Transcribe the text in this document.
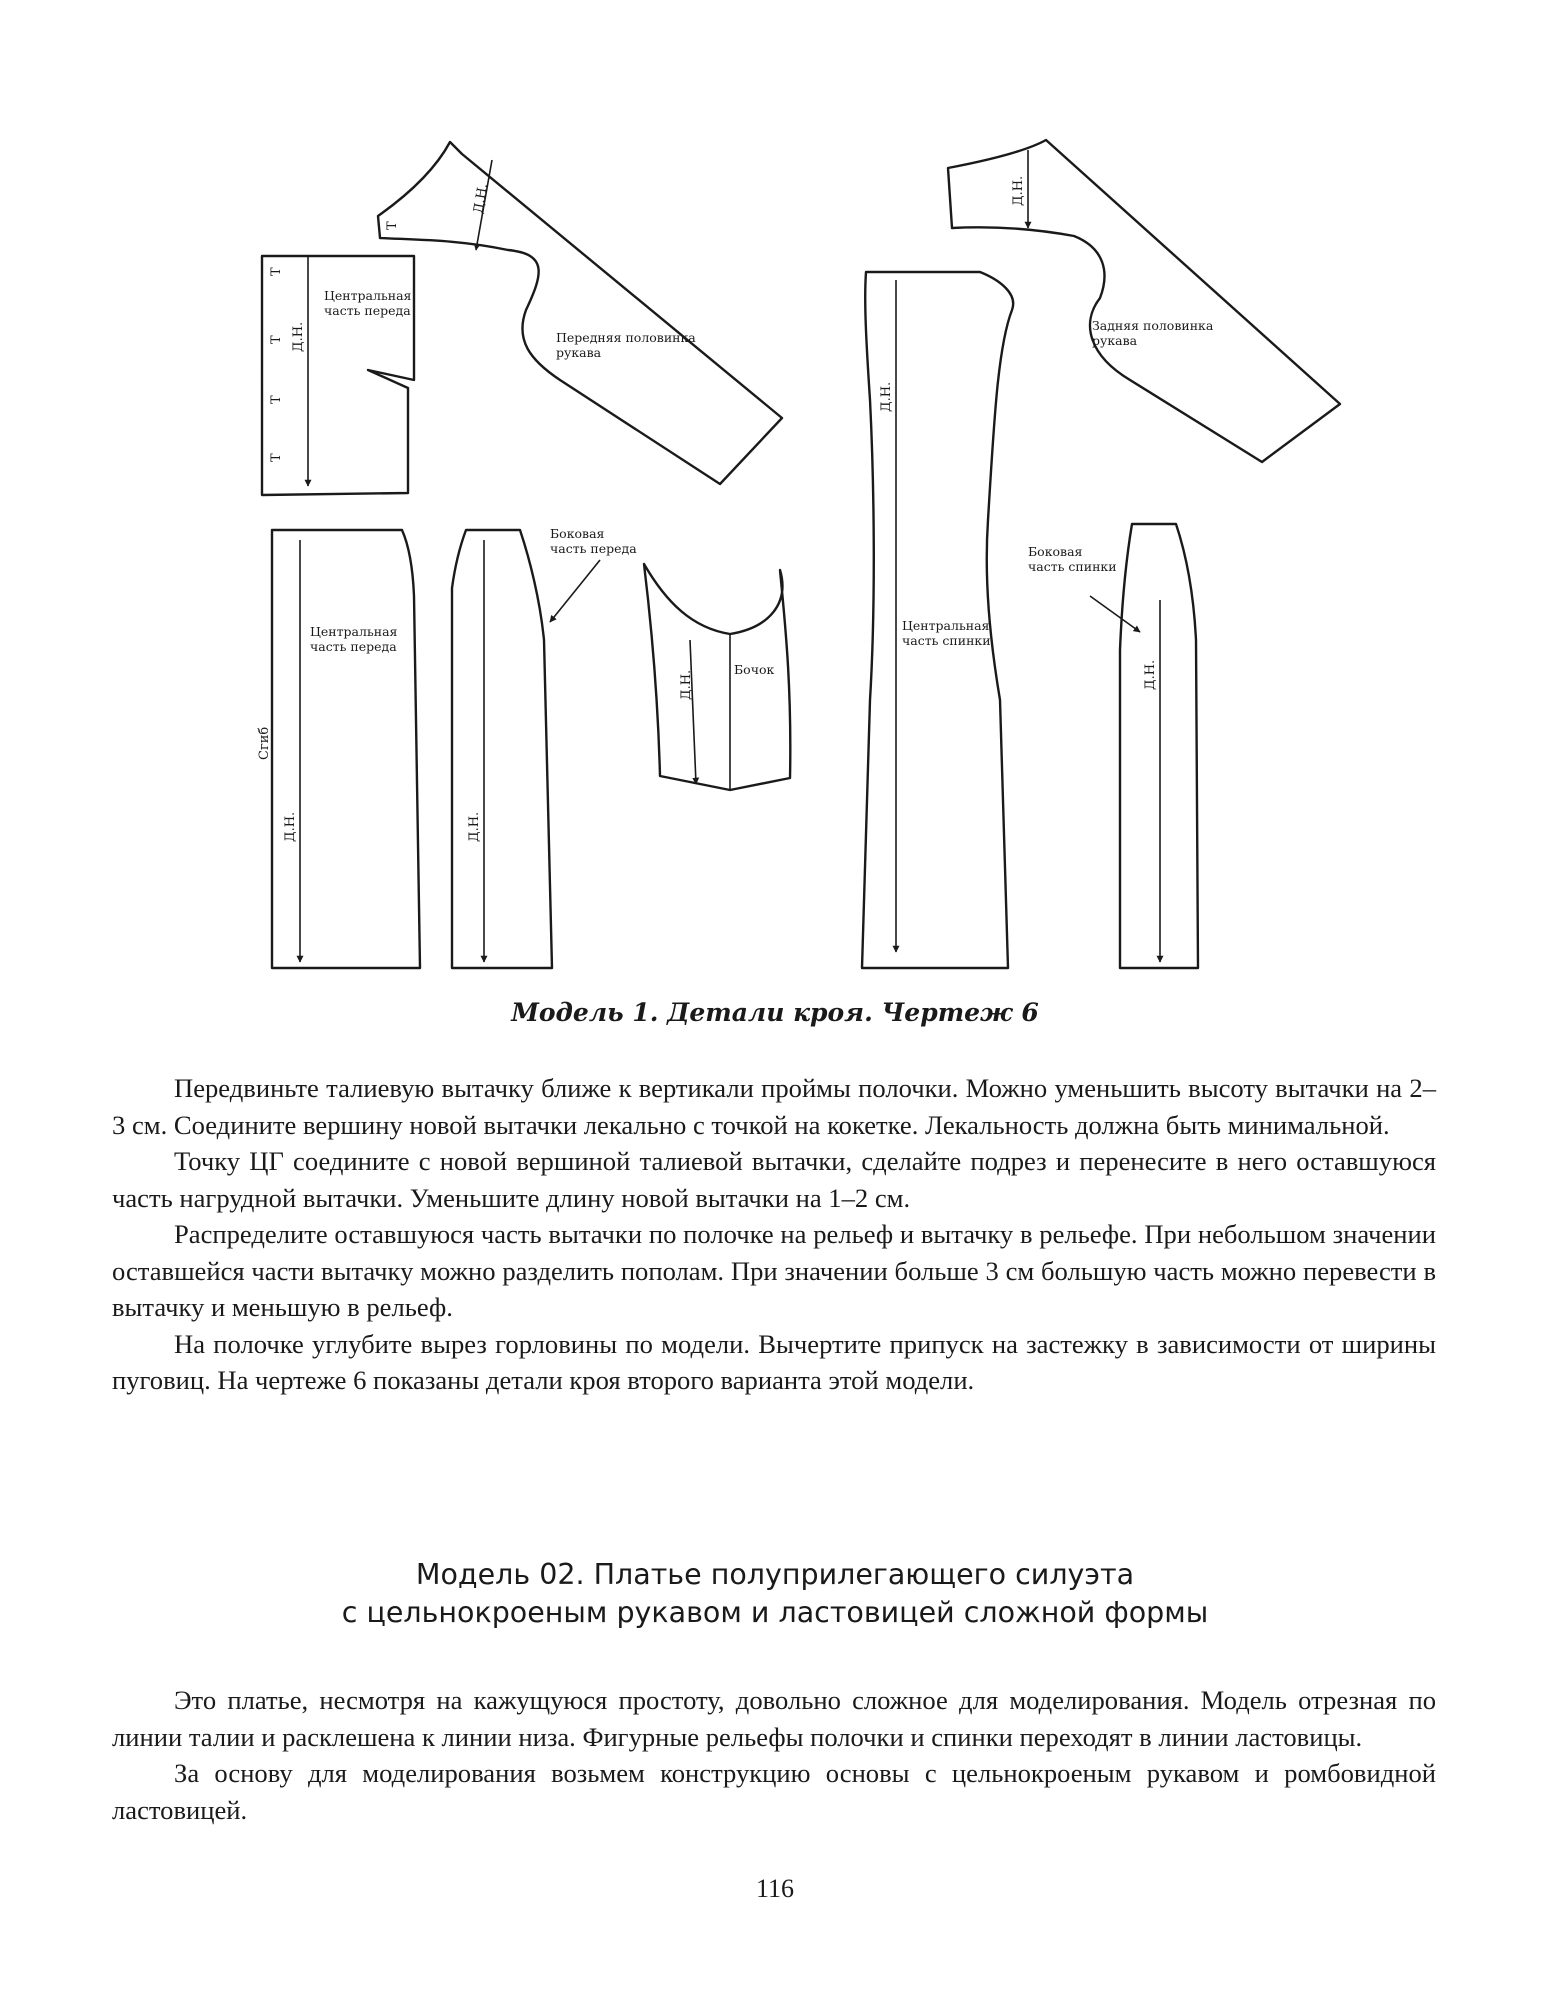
Центральная
часть переда
Д.Н.
Т
Т
Т
Т
Д.Н.
Т
Передняя половинка
рукава
Центральная
часть переда
Сгиб
Д.Н.	Д.Н.
Боковая
часть переда
Д.Н.
Бочок
Д.Н.
Центральная
часть спинки
Д.Н.
Задняя половинка
рукава
Д.Н.
Боковая
часть спинки
Модель 1. Детали кроя. Чертеж 6

Передвиньте талиевую вытачку ближе к вертикали проймы полочки. Можно уменьшить высоту вытачки на 2–3 см. Соедините вершину новой вытачки лекально с точкой на кокетке. Лекальность должна быть минимальной.

Точку ЦГ соедините с новой вершиной талиевой вытачки, сделайте подрез и перенесите в него оставшуюся часть нагрудной вытачки. Уменьшите длину новой вытачки на 1–2 см.

Распределите оставшуюся часть вытачки по полочке на рельеф и вытачку в рельефе. При небольшом значении оставшейся части вытачку можно разделить пополам. При значении больше 3 см большую часть можно перевести в вытачку и меньшую в рельеф.

На полочке углубите вырез горловины по модели. Вычертите припуск на застежку в зависимости от ширины пуговиц. На чертеже 6 показаны детали кроя второго варианта этой модели.

Модель 02. Платье полуприлегающего силуэта
с цельнокроеным рукавом и ластовицей сложной формы

Это платье, несмотря на кажущуюся простоту, довольно сложное для моделирования. Модель отрезная по линии талии и расклешена к линии низа. Фигурные рельефы полочки и спинки переходят в линии ластовицы.

За основу для моделирования возьмем конструкцию основы с цельнокроеным рукавом и ромбовидной ластовицей.

116
